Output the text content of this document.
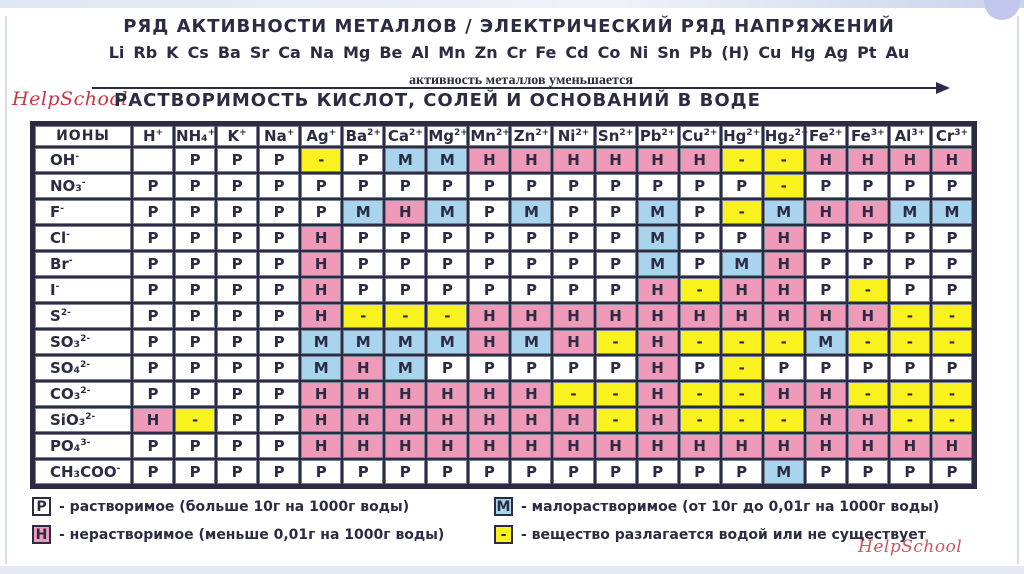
РЯД АКТИВНОСТИ МЕТАЛЛОВ / ЭЛЕКТРИЧЕСКИЙ РЯД НАПРЯЖЕНИЙ
Li Rb K Cs Ba Sr Ca Na Mg Be Al Mn Zn Cr Fe Cd Co Ni Sn Pb (H) Cu Hg Ag Pt Au
активность металлов уменьшается
HelpSchool
РАСТВОРИМОСТЬ КИСЛОТ, СОЛЕЙ И ОСНОВАНИЙ В ВОДЕ
ИОНЫ	H+	NH₄+	K+	Na+	Ag+	$Ba^{2+}$	$Ca^{2+}$	$Mg^{2+}$	$Mn^{2+}$	$Zn^{2+}$	$Ni^{2+}$	$Sn^{2+}$	$Pb^{2+}$	$Cu^{2+}$	$Hg^{2+}$	Hg₂$^{2+}$	$Fe^{2+}$	$Fe^{3+}$	$Al^{3+}$	$Cr^{3+}$
OH-		Р	Р	Р	-	Р	М	М	Н	Н	Н	Н	Н	Н	-	-	Н	Н	Н	Н
NO₃-	Р	Р	Р	Р	Р	Р	Р	Р	Р	Р	Р	Р	Р	Р	Р	-	Р	Р	Р	Р
F-	Р	Р	Р	Р	Р	М	Н	М	Р	М	Р	Р	М	Р	-	М	Н	Н	М	М
Cl-	Р	Р	Р	Р	Н	Р	Р	Р	Р	Р	Р	Р	М	Р	Р	Н	Р	Р	Р	Р
Br-	Р	Р	Р	Р	Н	Р	Р	Р	Р	Р	Р	Р	М	Р	М	Н	Р	Р	Р	Р
I-	Р	Р	Р	Р	Н	Р	Р	Р	Р	Р	Р	Р	Н	-	Н	Н	Р	-	Р	Р
$S^{2-}$	Р	Р	Р	Р	Н	-	-	-	Н	Н	Н	Н	Н	Н	Н	Н	Н	Н	-	-
SO₃$^{2-}$	Р	Р	Р	Р	М	М	М	М	Н	М	Н	-	Н	-	-	-	М	-	-	-
SO₄$^{2-}$	Р	Р	Р	Р	М	Н	М	Р	Р	Р	Р	Р	Н	Р	-	Р	Р	Р	Р	Р
CO₃$^{2-}$	Р	Р	Р	Р	Н	Н	Н	Н	Н	Н	-	-	Н	-	-	Н	Н	-	-	-
SiO₃$^{2-}$	Н	-	Р	Р	Н	Н	Н	Н	Н	Н	Н	-	Н	-	-	-	Н	Н	-	-
PO₄$^{3-}$	Р	Р	Р	Р	Н	Н	Н	Н	Н	Н	Н	Н	Н	Н	Н	Н	Н	Н	Н	Н
CH₃COO-	Р	Р	Р	Р	Р	Р	Р	Р	Р	Р	Р	Р	Р	Р	Р	М	Р	Р	Р	Р
Р - растворимое (больше 10г на 1000г воды)	М - малорастворимое (от 10г до 0,01г на 1000г воды)
Н - нерастворимое (меньше 0,01г на 1000г воды)	-	- вещество разлагается водой или не существует
HelpSchool
